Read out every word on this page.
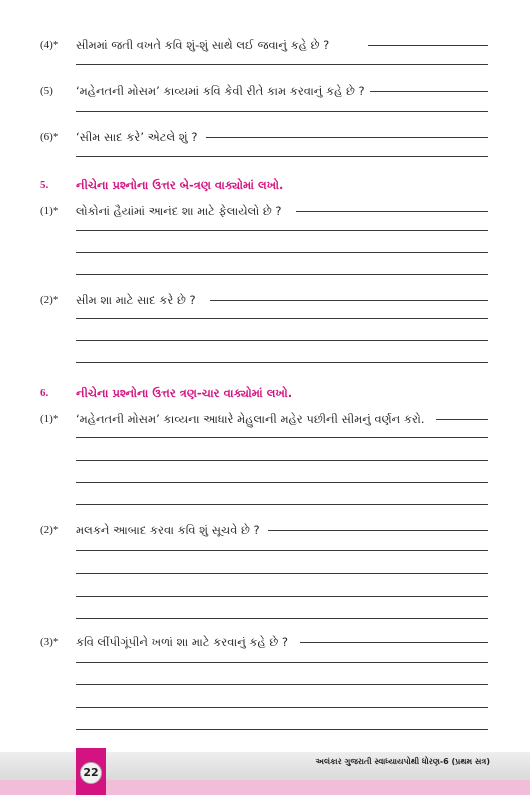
(4)* સીમમાં જતી વખતે કવિ શું-શું સાથે લઈ જવાનું કહે છે ?
(5) ‘મહેનતની મોસમ’ કાવ્યમાં કવિ કેવી રીતે કામ કરવાનું કહે છે ?
(6)* ‘સીમ સાદ કરે’ એટલે શું ?
5. નીચેના પ્રશ્નોના ઉત્તર બે-ત્રણ વાક્યોમાં લખો.
(1)* લોકોનાં હૈયાંમાં આનંદ શા માટે ફેલાયેલો છે ?
(2)* સીમ શા માટે સાદ કરે છે ?
6. નીચેના પ્રશ્નોના ઉત્તર ત્રણ-ચાર વાક્યોમાં લખો.
(1)* ‘મહેનતની મોસમ’ કાવ્યના આધારે મેહુલાની મહેર પછીની સીમનું વર્ણન કરો.
(2)* મલકને આબાદ કરવા કવિ શું સૂચવે છે ?
(3)* કવિ લીંપીગૂંપીને ખળાં શા માટે કરવાનું કહે છે ?
22
અલંકાર ગુજરાતી સ્વાધ્યાયપોથી ધોરણ-6 (પ્રથમ સત્ર)
